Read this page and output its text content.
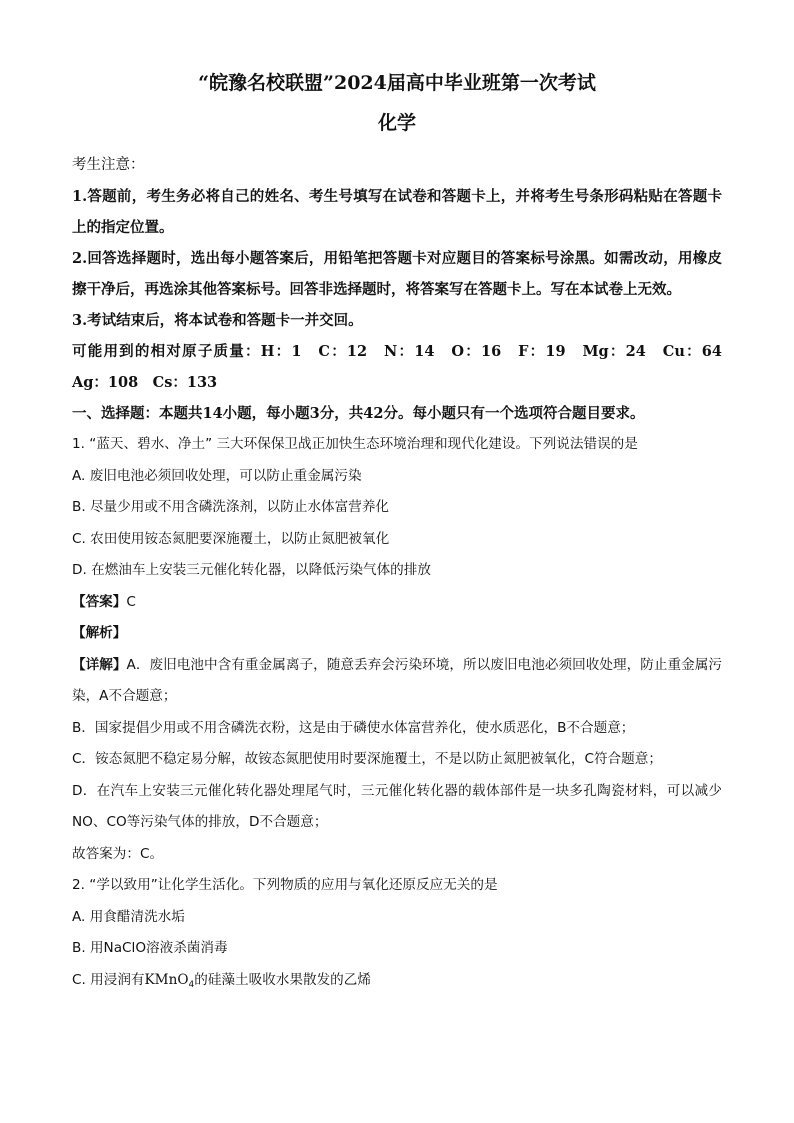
“皖豫名校联盟”2024届高中毕业班第一次考试
化学

考生注意：

1.答题前，考生务必将自己的姓名、考生号填写在试卷和答题卡上，并将考生号条形码粘贴在答题卡上的指定位置。

2.回答选择题时，选出每小题答案后，用铅笔把答题卡对应题目的答案标号涂黑。如需改动，用橡皮擦干净后，再选涂其他答案标号。回答非选择题时，将答案写在答题卡上。写在本试卷上无效。

3.考试结束后，将本试卷和答题卡一并交回。

可能用到的相对原子质量：H：1　C：12　N：14　O：16　F：19　Mg：24　Cu：64　Ag：108　Cs：133

一、选择题：本题共14小题，每小题3分，共42分。每小题只有一个选项符合题目要求。

1. “蓝天、碧水、净土” 三大环保保卫战正加快生态环境治理和现代化建设。下列说法错误的是

A. 废旧电池必须回收处理，可以防止重金属污染
B. 尽量少用或不用含磷洗涤剂，以防止水体富营养化
C. 农田使用铵态氮肥要深施覆土，以防止氮肥被氧化
D. 在燃油车上安装三元催化转化器，以降低污染气体的排放
【答案】C
【解析】
【详解】A．废旧电池中含有重金属离子，随意丢弃会污染环境，所以废旧电池必须回收处理，防止重金属污染，A不合题意；
B．国家提倡少用或不用含磷洗衣粉，这是由于磷使水体富营养化，使水质恶化，B不合题意；
C．铵态氮肥不稳定易分解，故铵态氮肥使用时要深施覆土，不是以防止氮肥被氧化，C符合题意；
D．在汽车上安装三元催化转化器处理尾气时，三元催化转化器的载体部件是一块多孔陶瓷材料，可以减少NO、CO等污染气体的排放，D不合题意；
故答案为：C。

2. “学以致用”让化学生活化。下列物质的应用与氧化还原反应无关的是

A. 用食醋清洗水垢
B. 用NaClO溶液杀菌消毒
C. 用浸润有KMnO$_4$的硅藻土吸收水果散发的乙烯
